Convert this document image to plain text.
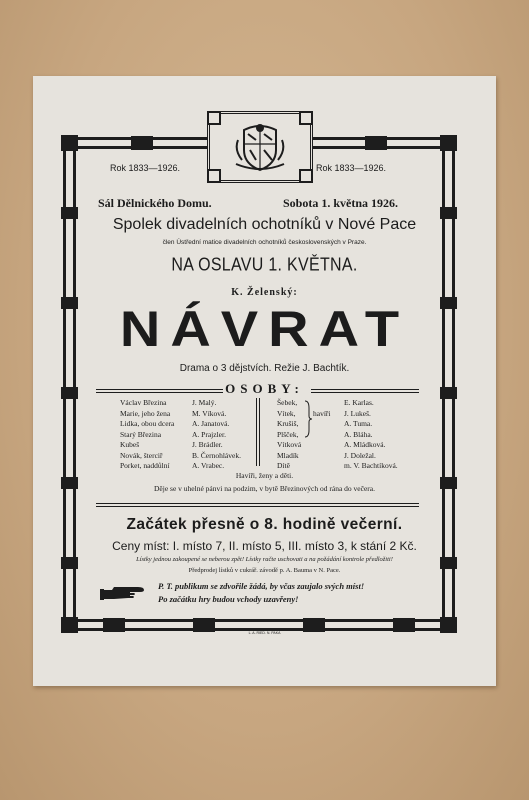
Rok 1833—1926.	Rok 1833—1926.
Sál Dělnického Domu.	Sobota 1. května 1926.
Spolek divadelních ochotníků v Nové Pace
člen Ústřední matice divadelních ochotníků československých v Praze.
NA OSLAVU 1. KVĚTNA.
K. Želenský:
NÁVRAT
Drama o 3 dějstvích. Režie J. Bachtík.
OSOBY:
Václav Březina
Marie, jeho žena
Lidka, obou dcera
Starý Březina
Kubeš
Novák, šterciř
Porket, naddůlní
J. Malý.
M. Víková.
A. Janatová.
A. Prajzler.
J. Brádler.
B. Černohlávek.
A. Vrabec.
Šebek,
Vítek,
Krušiš,
Plšček,
Vítková
Mladík
Dítě
havíři
E. Karlas.
J. Lukeš.
A. Tuma.
A. Bláha.
A. Mládková.
J. Doležal.
m. V. Bachtíková.
Havíři, ženy a děti.
Děje se v uhelné pánvi na podzim, v bytě Březinových od rána do večera.
Začátek přesně o 8. hodině večerní.
Ceny míst: I. místo 7, II. místo 5, III. místo 3, k stání 2 Kč.
Lístky jednou zakoupené se neberou zpět! Lístky račte uschovati a na požádání kontrole předložiti!
Předprodej lístků v cukrář. závodě p. A. Bauma v N. Pace.
P. T. publikum se zdvořile žádá, by včas zaujalo svých míst!
Po začátku hry budou vchody uzavřeny!
L. A. RIED. N. PAKA
